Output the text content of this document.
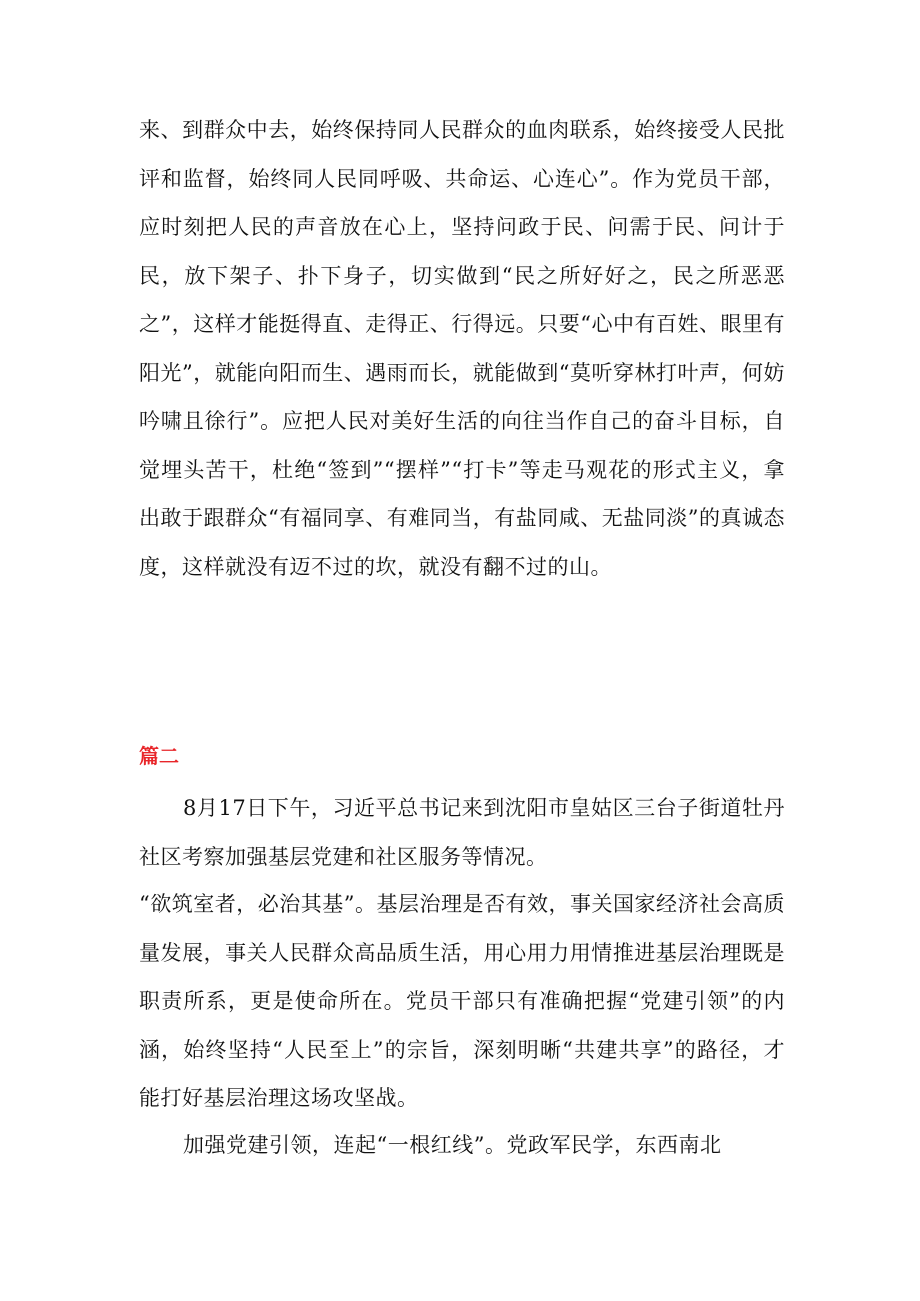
来、到群众中去，始终保持同人民群众的血肉联系，始终接受人民批评和监督，始终同人民同呼吸、共命运、心连心”。作为党员干部，应时刻把人民的声音放在心上，坚持问政于民、问需于民、问计于民，放下架子、扑下身子，切实做到“民之所好好之，民之所恶恶之”，这样才能挺得直、走得正、行得远。只要“心中有百姓、眼里有阳光”，就能向阳而生、遇雨而长，就能做到“莫听穿林打叶声，何妨吟啸且徐行”。应把人民对美好生活的向往当作自己的奋斗目标，自觉埋头苦干，杜绝“签到”“摆样”“打卡”等走马观花的形式主义，拿出敢于跟群众“有福同享、有难同当，有盐同咸、无盐同淡”的真诚态度，这样就没有迈不过的坎，就没有翻不过的山。

篇二

8月17日下午，习近平总书记来到沈阳市皇姑区三台子街道牡丹社区考察加强基层党建和社区服务等情况。

“欲筑室者，必治其基”。基层治理是否有效，事关国家经济社会高质量发展，事关人民群众高品质生活，用心用力用情推进基层治理既是职责所系，更是使命所在。党员干部只有准确把握“党建引领”的内涵，始终坚持“人民至上”的宗旨，深刻明晰“共建共享”的路径，才能打好基层治理这场攻坚战。

加强党建引领，连起“一根红线”。党政军民学，东西南北
